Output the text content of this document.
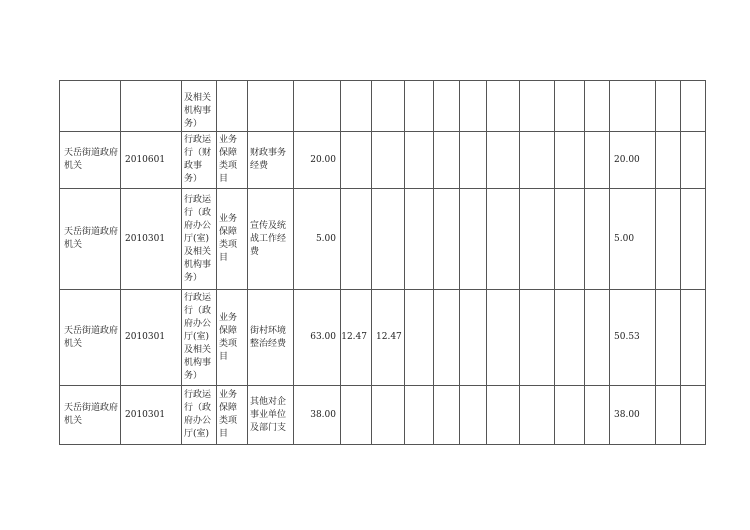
		及相关
机构事
务）															
天岳街道政府机关	2010601	行政运行（财政事务）	业务保障类项目	财政事务经费	20.00										20.00		
天岳街道政府机关	2010301	行政运行（政府办公厅(室)及相关机构事务）	业务保障类项目	宣传及统战工作经费	5.00										5.00		
天岳街道政府机关	2010301	行政运行（政府办公厅(室)及相关机构事务）	业务保障类项目	街村环境整治经费	63.00	12.47	12.47								50.53		
天岳街道政府机关	2010301	行政运行（政府办公厅(室)	业务保障类项目	其他对企事业单位及部门支	38.00										38.00		
